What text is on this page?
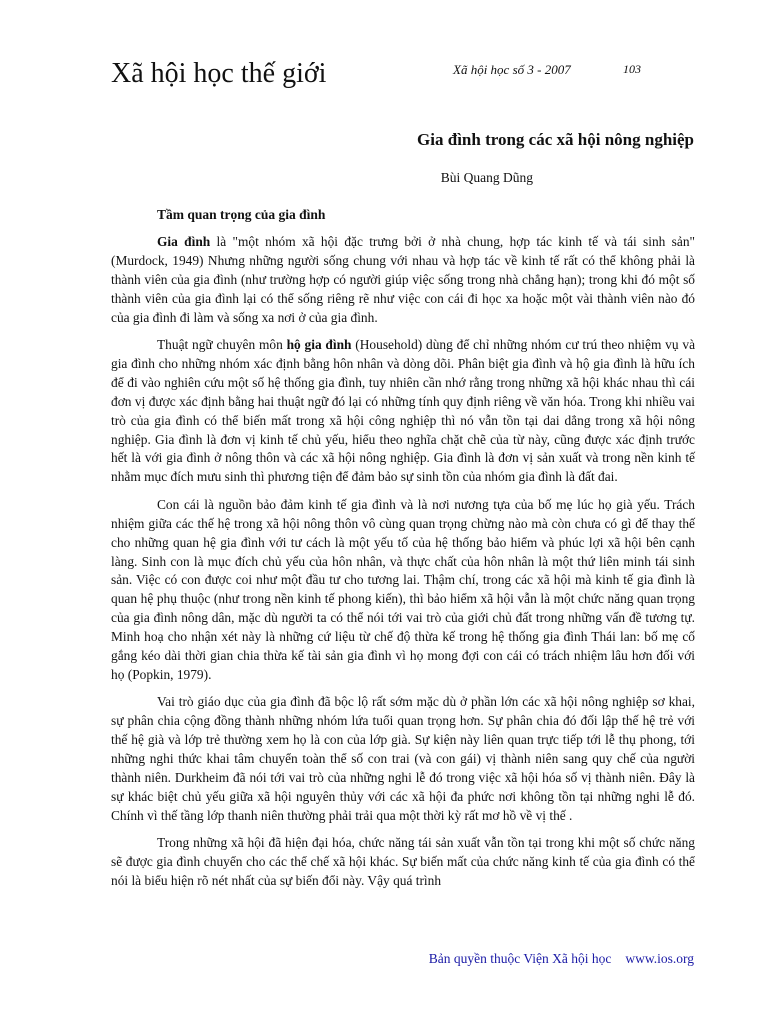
Xã hội học thế giới	Xã hội học số 3 - 2007	103
Gia đình trong các xã hội nông nghiệp
Bùi Quang Dũng
Tầm quan trọng của gia đình

Gia đình là "một nhóm xã hội đặc trưng bởi ở nhà chung, hợp tác kinh tế và tái sinh sản" (Murdock, 1949) Nhưng những người sống chung với nhau và hợp tác về kinh tế rất có thể không phải là thành viên của gia đình (như trường hợp có người giúp việc sống trong nhà chẳng hạn); trong khi đó một số thành viên của gia đình lại có thể sống riêng rẽ như việc con cái đi học xa hoặc một vài thành viên nào đó của gia đình đi làm và sống xa nơi ở của gia đình.

Thuật ngữ chuyên môn hộ gia đình (Household) dùng để chỉ những nhóm cư trú theo nhiệm vụ và gia đình cho những nhóm xác định bằng hôn nhân và dòng dõi. Phân biệt gia đình và hộ gia đình là hữu ích để đi vào nghiên cứu một số hệ thống gia đình, tuy nhiên cần nhớ rằng trong những xã hội khác nhau thì cái đơn vị được xác định bằng hai thuật ngữ đó lại có những tính quy định riêng về văn hóa. Trong khi nhiều vai trò của gia đình có thể biến mất trong xã hội công nghiệp thì nó vẫn tồn tại dai dẳng trong xã hội nông nghiệp. Gia đình là đơn vị kinh tế chủ yếu, hiểu theo nghĩa chặt chẽ của từ này, cũng được xác định trước hết là với gia đình ở nông thôn và các xã hội nông nghiệp. Gia đình là đơn vị sản xuất và trong nền kinh tế nhằm mục đích mưu sinh thì phương tiện để đảm bảo sự sinh tồn của nhóm gia đình là đất đai.

Con cái là nguồn bảo đảm kinh tế gia đình và là nơi nương tựa của bố mẹ lúc họ già yếu. Trách nhiệm giữa các thế hệ trong xã hội nông thôn vô cùng quan trọng chừng nào mà còn chưa có gì để thay thế cho những quan hệ gia đình với tư cách là một yếu tố của hệ thống bảo hiểm và phúc lợi xã hội bên cạnh làng. Sinh con là mục đích chủ yếu của hôn nhân, và thực chất của hôn nhân là một thứ liên minh tái sinh sản. Việc có con được coi như một đầu tư cho tương lai. Thậm chí, trong các xã hội mà kinh tế gia đình là quan hệ phụ thuộc (như trong nền kinh tế phong kiến), thì bảo hiểm xã hội vẫn là một chức năng quan trọng của gia đình nông dân, mặc dù người ta có thể nói tới vai trò của giới chủ đất trong những vấn đề tương tự. Minh hoạ cho nhận xét này là những cứ liệu từ chế độ thừa kế trong hệ thống gia đình Thái lan: bố mẹ cố gắng kéo dài thời gian chia thừa kế tài sản gia đình vì họ mong đợi con cái có trách nhiệm lâu hơn đối với họ (Popkin, 1979).

Vai trò giáo dục của gia đình đã bộc lộ rất sớm mặc dù ở phần lớn các xã hội nông nghiệp sơ khai, sự phân chia cộng đồng thành những nhóm lứa tuổi quan trọng hơn. Sự phân chia đó đối lập thế hệ trẻ với thế hệ già và lớp trẻ thường xem họ là con của lớp già. Sự kiện này liên quan trực tiếp tới lễ thụ phong, tới những nghi thức khai tâm chuyển toàn thể số con trai (và con gái) vị thành niên sang quy chế của người thành niên. Durkheim đã nói tới vai trò của những nghi lễ đó trong việc xã hội hóa số vị thành niên. Đây là sự khác biệt chủ yếu giữa xã hội nguyên thủy với các xã hội đa phức nơi không tồn tại những nghi lễ đó. Chính vì thế tầng lớp thanh niên thường phải trải qua một thời kỳ rất mơ hồ về vị thế .

Trong những xã hội đã hiện đại hóa, chức năng tái sản xuất vẫn tồn tại trong khi một số chức năng sẽ được gia đình chuyển cho các thể chế xã hội khác. Sự biến mất của chức năng kinh tế của gia đình có thể nói là biểu hiện rõ nét nhất của sự biến đổi này. Vậy quá trình

Bản quyền thuộc Viện Xã hội học www.ios.org
